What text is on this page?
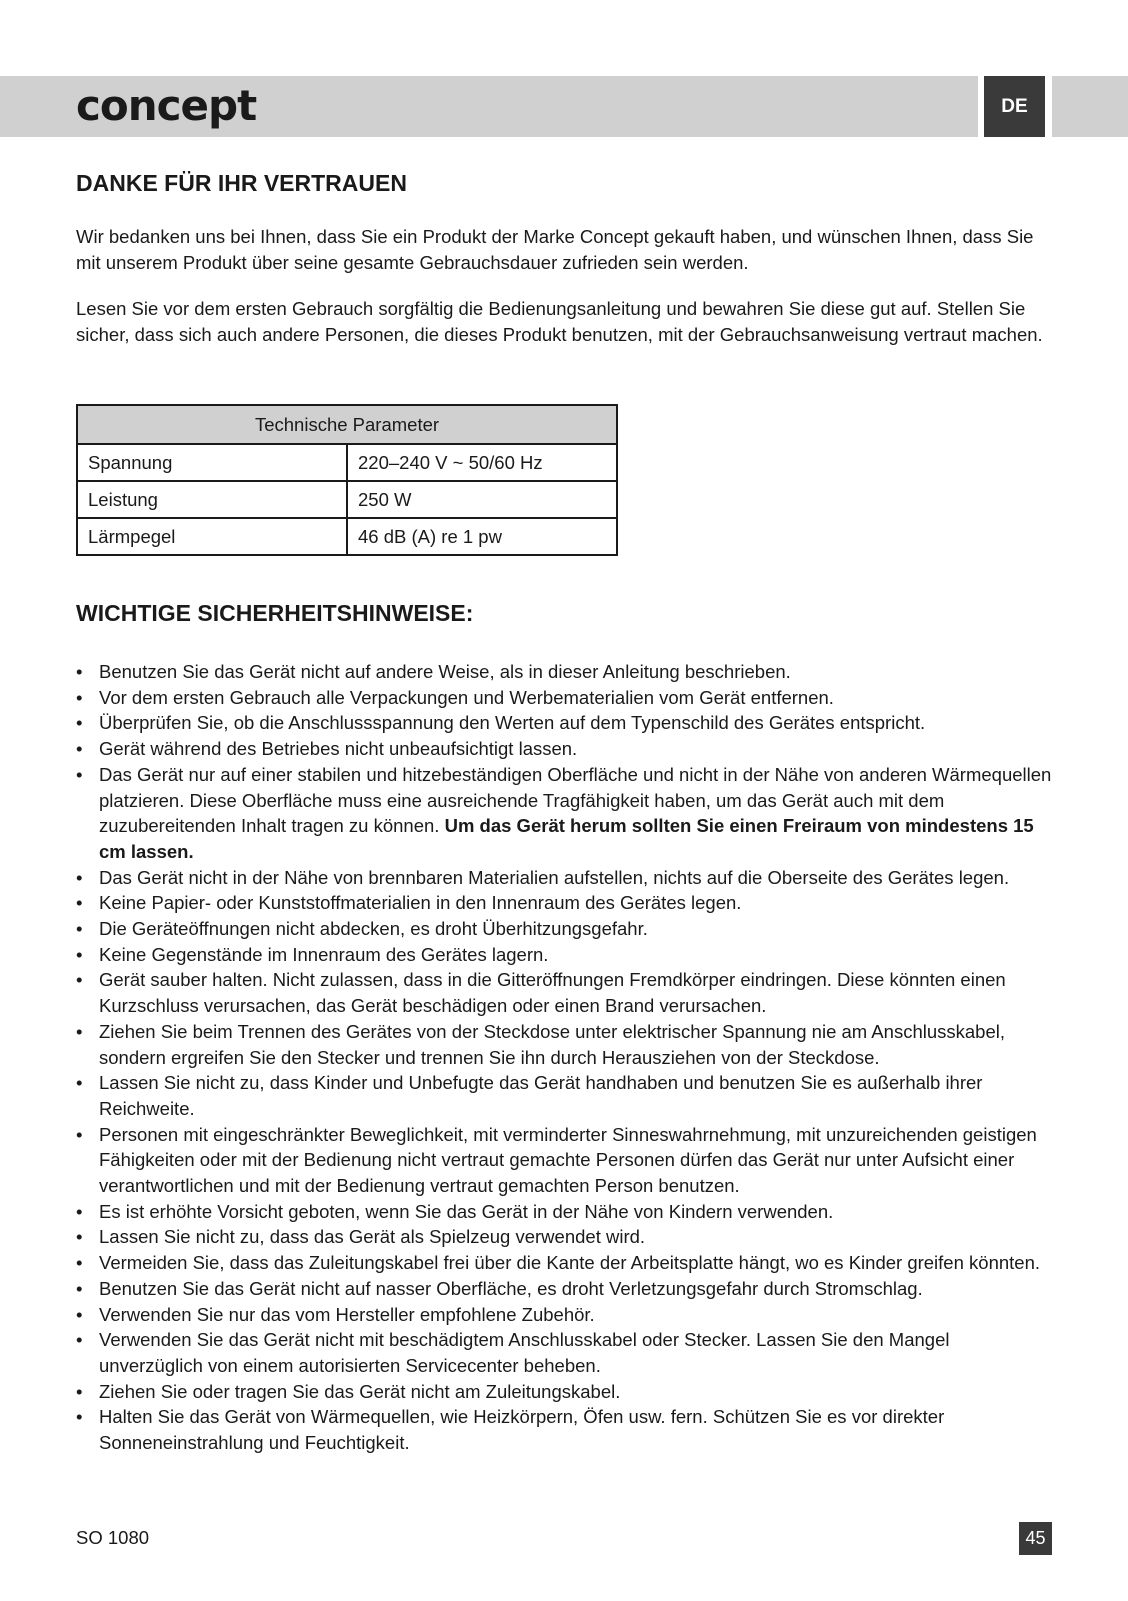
concept	DE
DANKE FÜR IHR VERTRAUEN

Wir bedanken uns bei Ihnen, dass Sie ein Produkt der Marke Concept gekauft haben, und wünschen Ihnen, dass Sie mit unserem Produkt über seine gesamte Gebrauchsdauer zufrieden sein werden.

Lesen Sie vor dem ersten Gebrauch sorgfältig die Bedienungsanleitung und bewahren Sie diese gut auf. Stellen Sie sicher, dass sich auch andere Personen, die dieses Produkt benutzen, mit der Gebrauchsanweisung vertraut machen.

Technische Parameter	
Spannung	220–240 V ~ 50/60 Hz
Leistung	250 W
Lärmpegel	46 dB (A) re 1 pw
WICHTIGE SICHERHEITSHINWEISE:
• Benutzen Sie das Gerät nicht auf andere Weise, als in dieser Anleitung beschrieben.
• Vor dem ersten Gebrauch alle Verpackungen und Werbematerialien vom Gerät entfernen.
• Überprüfen Sie, ob die Anschlussspannung den Werten auf dem Typenschild des Gerätes entspricht.
• Gerät während des Betriebes nicht unbeaufsichtigt lassen.
• Das Gerät nur auf einer stabilen und hitzebeständigen Oberfläche und nicht in der Nähe von anderen Wärmequellen platzieren. Diese Oberfläche muss eine ausreichende Tragfähigkeit haben, um das Gerät auch mit dem zuzubereitenden Inhalt tragen zu können. Um das Gerät herum sollten Sie einen Freiraum von mindestens 15 cm lassen.
• Das Gerät nicht in der Nähe von brennbaren Materialien aufstellen, nichts auf die Oberseite des Gerätes legen.
• Keine Papier- oder Kunststoffmaterialien in den Innenraum des Gerätes legen.
• Die Geräteöffnungen nicht abdecken, es droht Überhitzungsgefahr.
• Keine Gegenstände im Innenraum des Gerätes lagern.
• Gerät sauber halten. Nicht zulassen, dass in die Gitteröffnungen Fremdkörper eindringen. Diese könnten einen Kurzschluss verursachen, das Gerät beschädigen oder einen Brand verursachen.
• Ziehen Sie beim Trennen des Gerätes von der Steckdose unter elektrischer Spannung nie am Anschlusskabel, sondern ergreifen Sie den Stecker und trennen Sie ihn durch Herausziehen von der Steckdose.
• Lassen Sie nicht zu, dass Kinder und Unbefugte das Gerät handhaben und benutzen Sie es außerhalb ihrer Reichweite.
• Personen mit eingeschränkter Beweglichkeit, mit verminderter Sinneswahrnehmung, mit unzureichenden geistigen Fähigkeiten oder mit der Bedienung nicht vertraut gemachte Personen dürfen das Gerät nur unter Aufsicht einer verantwortlichen und mit der Bedienung vertraut gemachten Person benutzen.
• Es ist erhöhte Vorsicht geboten, wenn Sie das Gerät in der Nähe von Kindern verwenden.
• Lassen Sie nicht zu, dass das Gerät als Spielzeug verwendet wird.
• Vermeiden Sie, dass das Zuleitungskabel frei über die Kante der Arbeitsplatte hängt, wo es Kinder greifen könnten.
• Benutzen Sie das Gerät nicht auf nasser Oberfläche, es droht Verletzungsgefahr durch Stromschlag.
• Verwenden Sie nur das vom Hersteller empfohlene Zubehör.
• Verwenden Sie das Gerät nicht mit beschädigtem Anschlusskabel oder Stecker. Lassen Sie den Mangel unverzüglich von einem autorisierten Servicecenter beheben.
• Ziehen Sie oder tragen Sie das Gerät nicht am Zuleitungskabel.
• Halten Sie das Gerät von Wärmequellen, wie Heizkörpern, Öfen usw. fern. Schützen Sie es vor direkter Sonneneinstrahlung und Feuchtigkeit.
SO 1080	45
